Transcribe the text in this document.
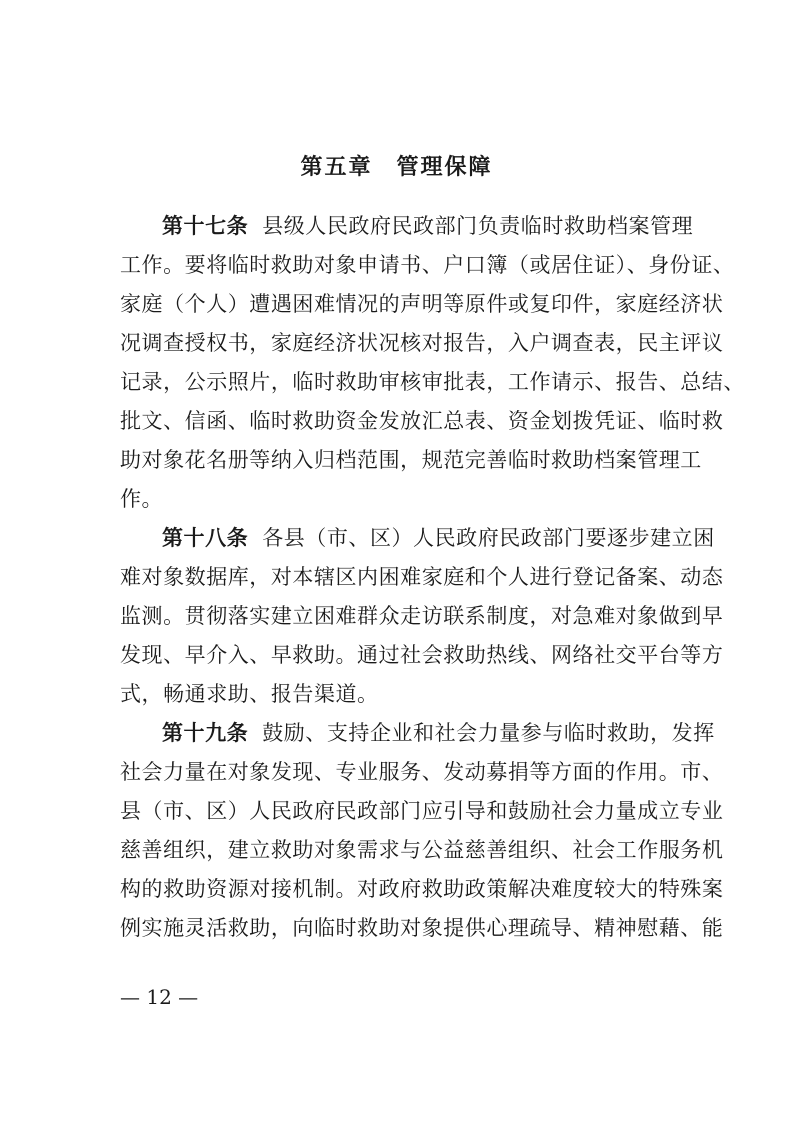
第五章　管理保障
第十七条 县级人民政府民政部门负责临时救助档案管理
工作。要将临时救助对象申请书、户口簿（或居住证）、身份证、
家庭（个人）遭遇困难情况的声明等原件或复印件，家庭经济状
况调查授权书，家庭经济状况核对报告，入户调查表，民主评议
记录，公示照片，临时救助审核审批表，工作请示、报告、总结、
批文、信函、临时救助资金发放汇总表、资金划拨凭证、临时救
助对象花名册等纳入归档范围，规范完善临时救助档案管理工
作。
第十八条 各县（市、区）人民政府民政部门要逐步建立困
难对象数据库，对本辖区内困难家庭和个人进行登记备案、动态
监测。贯彻落实建立困难群众走访联系制度，对急难对象做到早
发现、早介入、早救助。通过社会救助热线、网络社交平台等方
式，畅通求助、报告渠道。
第十九条 鼓励、支持企业和社会力量参与临时救助，发挥
社会力量在对象发现、专业服务、发动募捐等方面的作用。市、
县（市、区）人民政府民政部门应引导和鼓励社会力量成立专业
慈善组织，建立救助对象需求与公益慈善组织、社会工作服务机
构的救助资源对接机制。对政府救助政策解决难度较大的特殊案
例实施灵活救助，向临时救助对象提供心理疏导、精神慰藉、能
— 12 —
